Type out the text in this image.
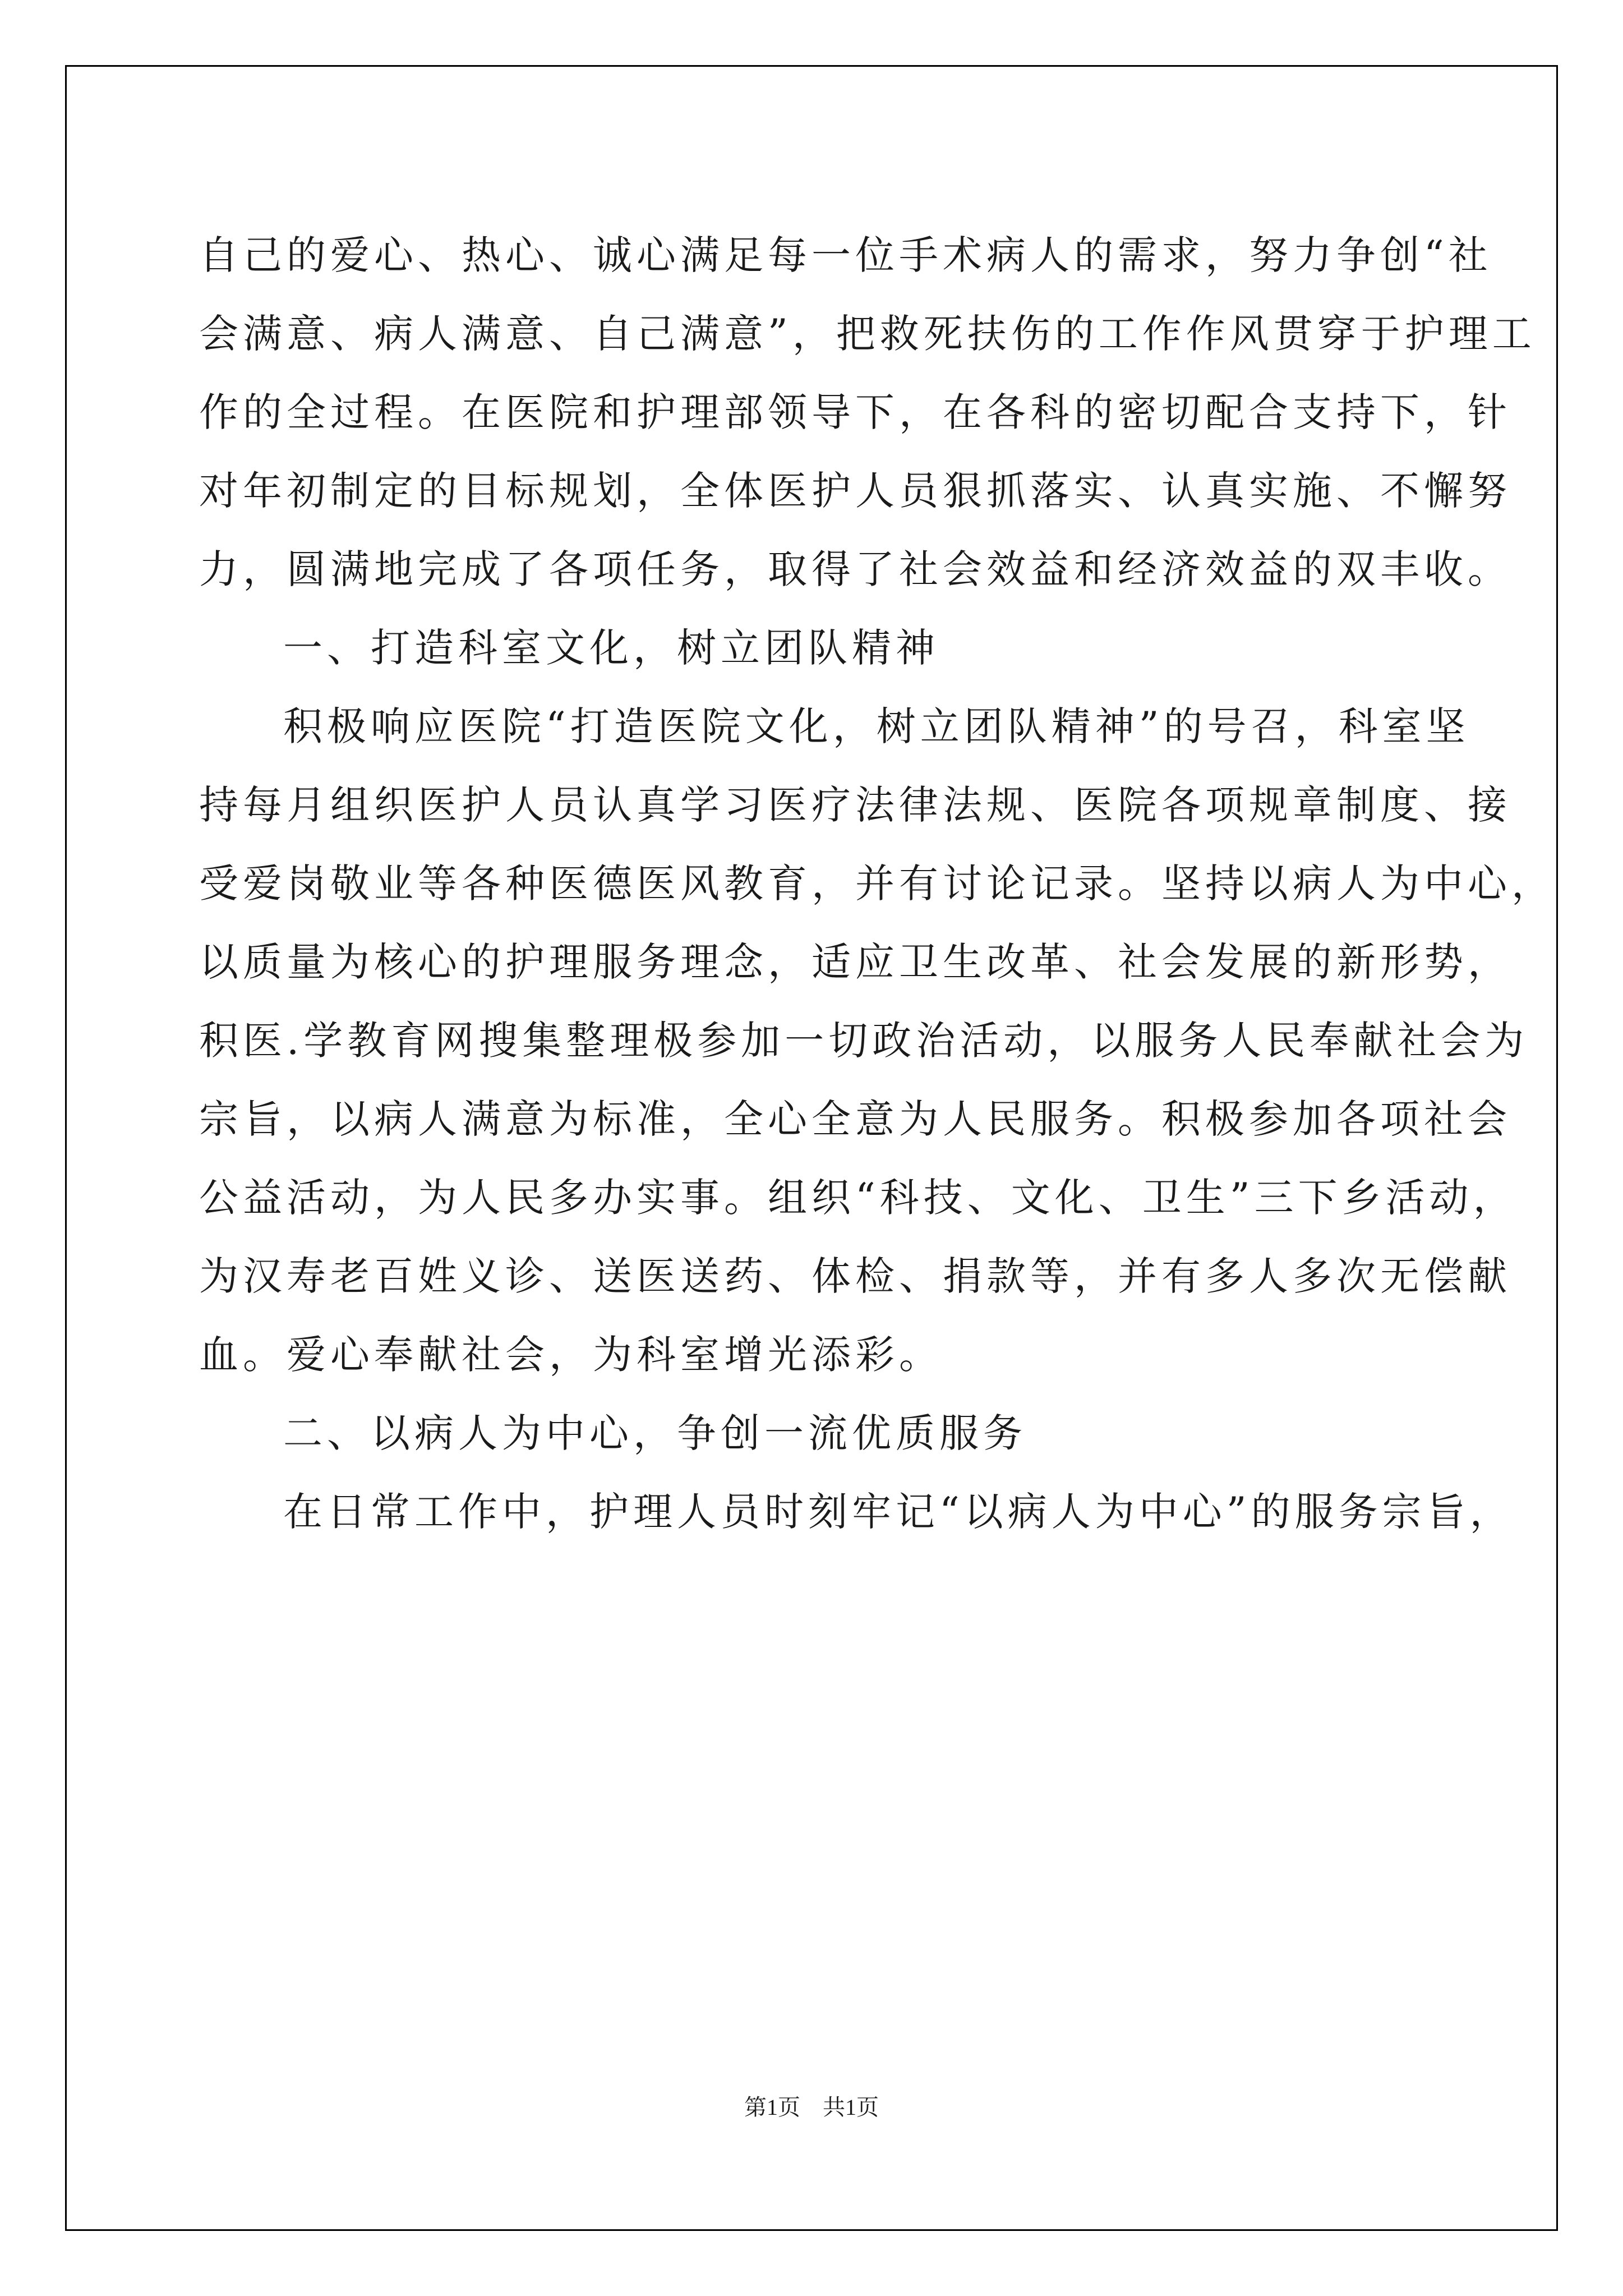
自己的爱心、热心、诚心满足每一位手术病人的需求，努力争创“社
会满意、病人满意、自己满意”，把救死扶伤的工作作风贯穿于护理工
作的全过程。在医院和护理部领导下，在各科的密切配合支持下，针
对年初制定的目标规划，全体医护人员狠抓落实、认真实施、不懈努
力，圆满地完成了各项任务，取得了社会效益和经济效益的双丰收。
一、打造科室文化，树立团队精神
积极响应医院“打造医院文化，树立团队精神”的号召，科室坚
持每月组织医护人员认真学习医疗法律法规、医院各项规章制度、接
受爱岗敬业等各种医德医风教育，并有讨论记录。坚持以病人为中心，
以质量为核心的护理服务理念，适应卫生改革、社会发展的新形势，
积医.学教育网搜集整理极参加一切政治活动，以服务人民奉献社会为
宗旨，以病人满意为标准，全心全意为人民服务。积极参加各项社会
公益活动，为人民多办实事。组织“科技、文化、卫生”三下乡活动，
为汉寿老百姓义诊、送医送药、体检、捐款等，并有多人多次无偿献
血。爱心奉献社会，为科室增光添彩。
二、以病人为中心，争创一流优质服务
在日常工作中，护理人员时刻牢记“以病人为中心”的服务宗旨，
第1页 共1页
